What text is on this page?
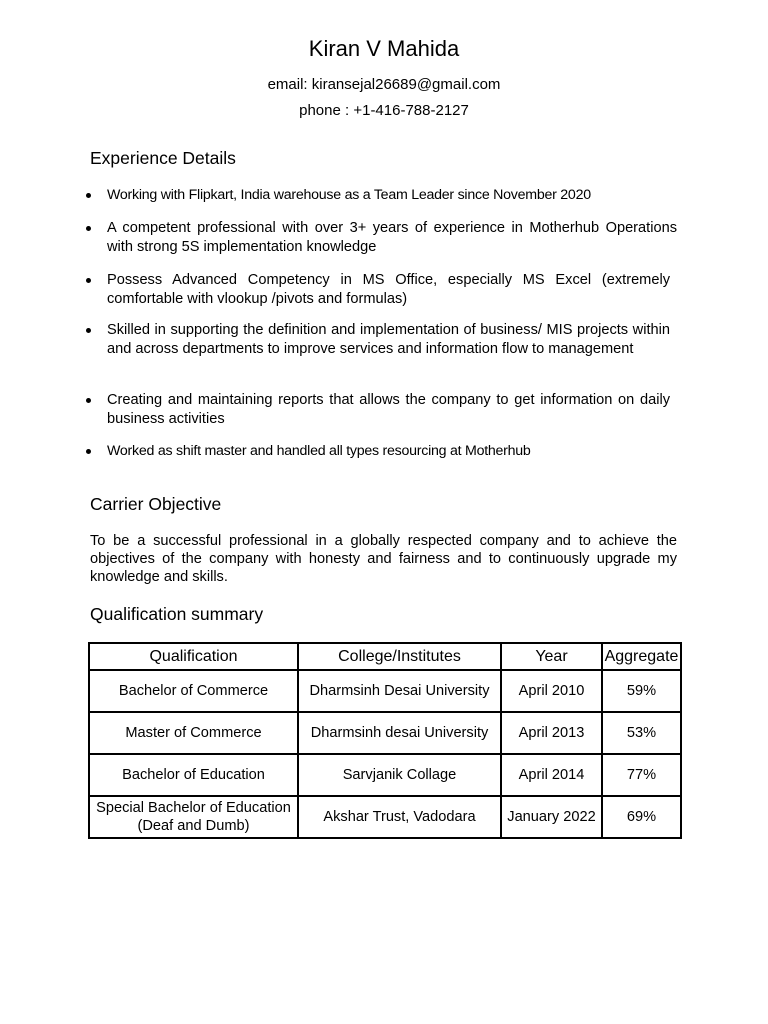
Kiran V Mahida
email: kiransejal26689@gmail.com
phone : +1-416-788-2127
Experience Details
Working with Flipkart, India warehouse as a Team Leader since November 2020
A competent professional with over 3+ years of experience in Motherhub Operations with strong 5S implementation knowledge
Possess Advanced Competency in MS Office, especially MS Excel (extremely comfortable with vlookup /pivots and formulas)
Skilled in supporting the definition and implementation of business/ MIS projects within and across departments to improve services and information flow to management
Creating and maintaining reports that allows the company to get information on daily business activities
Worked as shift master and handled all types resourcing at Motherhub
Carrier Objective

To be a successful professional in a globally respected company and to achieve the objectives of the company with honesty and fairness and to continuously upgrade my knowledge and skills.

Qualification summary
Qualification	College/Institutes	Year	Aggregate
Bachelor of Commerce	Dharmsinh Desai University	April 2010	59%
Master of Commerce	Dharmsinh desai University	April 2013	53%
Bachelor of Education	Sarvjanik Collage	April 2014	77%
Special Bachelor of Education (Deaf and Dumb)	Akshar Trust, Vadodara	January 2022	69%
